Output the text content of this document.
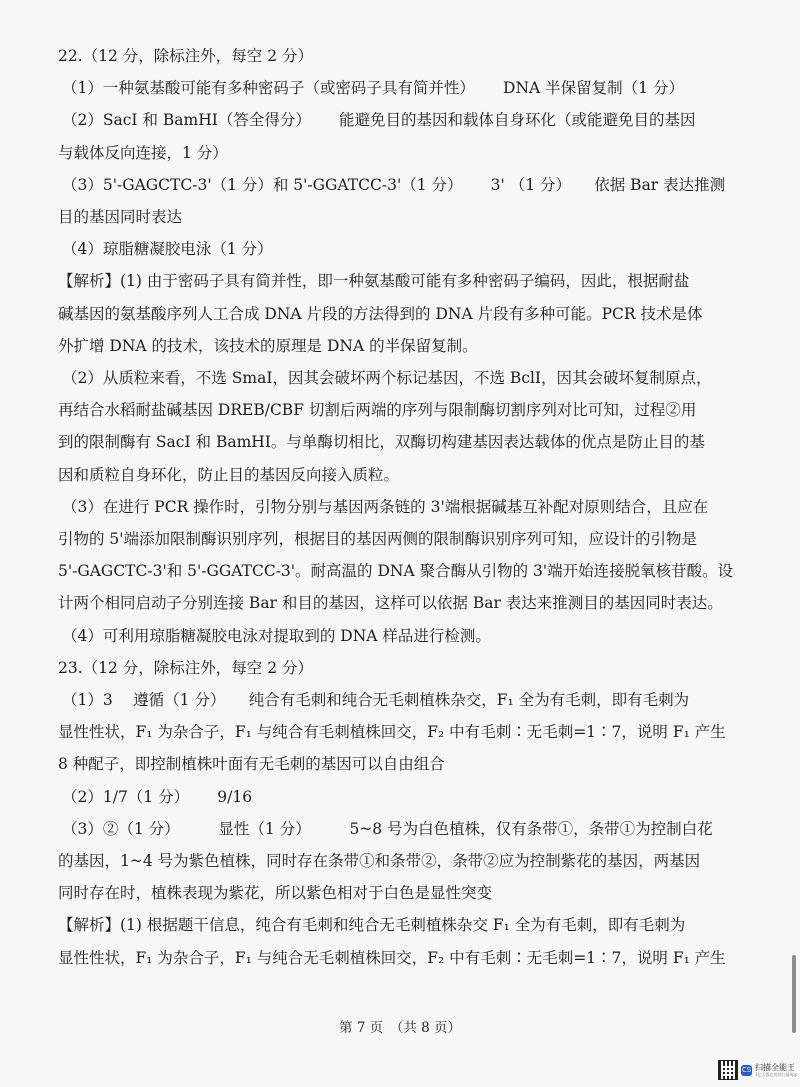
22.（12 分，除标注外，每空 2 分）

（1）一种氨基酸可能有多种密码子（或密码子具有简并性）　　 DNA 半保留复制（1 分）

（2）SacⅠ 和 BamHⅠ（答全得分）　　 能避免目的基因和载体自身环化（或能避免目的基因

与载体反向连接，1 分）

（3）5'-GAGCTC-3'（1 分）和 5'-GGATCC-3'（1 分）　　 3' （1 分）　　依据 Bar 表达推测

目的基因同时表达

（4）琼脂糖凝胶电泳（1 分）

【解析】(1) 由于密码子具有简并性，即一种氨基酸可能有多种密码子编码，因此，根据耐盐

碱基因的氨基酸序列人工合成 DNA 片段的方法得到的 DNA 片段有多种可能。PCR 技术是体

外扩增 DNA 的技术，该技术的原理是 DNA 的半保留复制。

（2）从质粒来看，不选 SmaⅠ，因其会破坏两个标记基因，不选 BclⅠ，因其会破坏复制原点，

再结合水稻耐盐碱基因 DREB/CBF 切割后两端的序列与限制酶切割序列对比可知，过程②用

到的限制酶有 SacⅠ 和 BamHⅠ。与单酶切相比，双酶切构建基因表达载体的优点是防止目的基

因和质粒自身环化，防止目的基因反向接入质粒。

（3）在进行 PCR 操作时，引物分别与基因两条链的 3'端根据碱基互补配对原则结合，且应在

引物的 5'端添加限制酶识别序列，根据目的基因两侧的限制酶识别序列可知，应设计的引物是

5'-GAGCTC-3'和 5'-GGATCC-3'。耐高温的 DNA 聚合酶从引物的 3'端开始连接脱氧核苷酸。设

计两个相同启动子分别连接 Bar 和目的基因，这样可以依据 Bar 表达来推测目的基因同时表达。

（4）可利用琼脂糖凝胶电泳对提取到的 DNA 样品进行检测。

23.（12 分，除标注外，每空 2 分）

（1）3　 遵循（1 分）　　纯合有毛刺和纯合无毛刺植株杂交，F₁ 全为有毛刺，即有毛刺为

显性性状，F₁ 为杂合子，F₁ 与纯合有毛刺植株回交，F₂ 中有毛刺∶无毛刺=1∶7，说明 F₁ 产生

8 种配子，即控制植株叶面有无毛刺的基因可以自由组合

（2）1/7（1 分）　　 9/16

（3）②（1 分）　　　显性（1 分）　　　5~8 号为白色植株，仅有条带①，条带①为控制白花

的基因，1~4 号为紫色植株，同时存在条带①和条带②，条带②应为控制紫花的基因，两基因

同时存在时，植株表现为紫花，所以紫色相对于白色是显性突变

【解析】(1) 根据题干信息，纯合有毛刺和纯合无毛刺植株杂交 F₁ 全为有毛刺，即有毛刺为

显性性状，F₁ 为杂合子，F₁ 与纯合无毛刺植株回交，F₂ 中有毛刺∶无毛刺=1∶7，说明 F₁ 产生

第 7 页　（共 8 页）
CS 扫描全能王
3亿人都在用的扫描App
